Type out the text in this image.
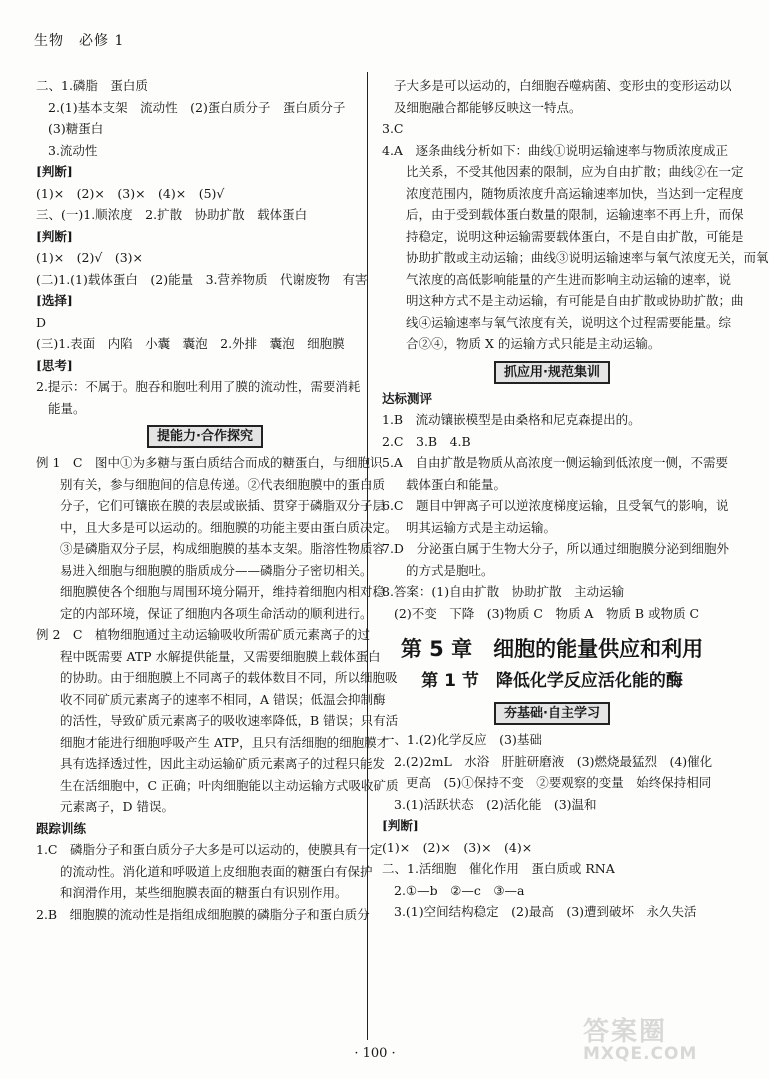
生物　必修 1
二、1.磷脂　蛋白质
2.(1)基本支架　流动性　(2)蛋白质分子　蛋白质分子
(3)糖蛋白
3.流动性
[判断]
(1)×　(2)×　(3)×　(4)×　(5)√
三、(一)1.顺浓度　2.扩散　协助扩散　载体蛋白
[判断]
(1)×　(2)√　(3)×
(二)1.(1)载体蛋白　(2)能量　3.营养物质　代谢废物　有害
[选择]
D
(三)1.表面　内陷　小囊　囊泡　2.外排　囊泡　细胞膜
[思考]
2.提示：不属于。胞吞和胞吐利用了膜的流动性，需要消耗
能量。
提能力·合作探究
例 1　C　图中①为多糖与蛋白质结合而成的糖蛋白，与细胞识
别有关，参与细胞间的信息传递。②代表细胞膜中的蛋白质
分子，它们可镶嵌在膜的表层或嵌插、贯穿于磷脂双分子层
中，且大多是可以运动的。细胞膜的功能主要由蛋白质决定。
③是磷脂双分子层，构成细胞膜的基本支架。脂溶性物质容
易进入细胞与细胞膜的脂质成分——磷脂分子密切相关。
细胞膜使各个细胞与周围环境分隔开，维持着细胞内相对稳
定的内部环境，保证了细胞内各项生命活动的顺利进行。
例 2　C　植物细胞通过主动运输吸收所需矿质元素离子的过
程中既需要 ATP 水解提供能量，又需要细胞膜上载体蛋白
的协助。由于细胞膜上不同离子的载体数目不同，所以细胞吸
收不同矿质元素离子的速率不相同，A 错误；低温会抑制酶
的活性，导致矿质元素离子的吸收速率降低，B 错误；只有活
细胞才能进行细胞呼吸产生 ATP，且只有活细胞的细胞膜才
具有选择透过性，因此主动运输矿质元素离子的过程只能发
生在活细胞中，C 正确；叶肉细胞能以主动运输方式吸收矿质
元素离子，D 错误。
跟踪训练
1.C　磷脂分子和蛋白质分子大多是可以运动的，使膜具有一定
的流动性。消化道和呼吸道上皮细胞表面的糖蛋白有保护
和润滑作用，某些细胞膜表面的糖蛋白有识别作用。
2.B　细胞膜的流动性是指组成细胞膜的磷脂分子和蛋白质分
子大多是可以运动的，白细胞吞噬病菌、变形虫的变形运动以
及细胞融合都能够反映这一特点。
3.C
4.A　逐条曲线分析如下：曲线①说明运输速率与物质浓度成正
比关系，不受其他因素的限制，应为自由扩散；曲线②在一定
浓度范围内，随物质浓度升高运输速率加快，当达到一定程度
后，由于受到载体蛋白数量的限制，运输速率不再上升，而保
持稳定，说明这种运输需要载体蛋白，不是自由扩散，可能是
协助扩散或主动运输；曲线③说明运输速率与氧气浓度无关，而氧
气浓度的高低影响能量的产生进而影响主动运输的速率，说
明这种方式不是主动运输，有可能是自由扩散或协助扩散；曲
线④运输速率与氧气浓度有关，说明这个过程需要能量。综
合②④，物质 X 的运输方式只能是主动运输。
抓应用·规范集训
达标测评
1.B　流动镶嵌模型是由桑格和尼克森提出的。
2.C　3.B　4.B
5.A　自由扩散是物质从高浓度一侧运输到低浓度一侧，不需要
载体蛋白和能量。
6.C　题目中钾离子可以逆浓度梯度运输，且受氧气的影响，说
明其运输方式是主动运输。
7.D　分泌蛋白属于生物大分子，所以通过细胞膜分泌到细胞外
的方式是胞吐。
8.答案：(1)自由扩散　协助扩散　主动运输
(2)不变　下降　(3)物质 C　物质 A　物质 B 或物质 C
第 5 章　细胞的能量供应和利用
第 1 节　降低化学反应活化能的酶
夯基础·自主学习
一、1.(2)化学反应　(3)基础
2.(2)2mL　水浴　肝脏研磨液　(3)燃烧最猛烈　(4)催化
更高　(5)①保持不变　②要观察的变量　始终保持相同
3.(1)活跃状态　(2)活化能　(3)温和
[判断]
(1)×　(2)×　(3)×　(4)×
二、1.活细胞　催化作用　蛋白质或 RNA
2.①—b　②—c　③—a
3.(1)空间结构稳定　(2)最高　(3)遭到破坏　永久失活
· 100 ·
答案圈
MXQE.COM
